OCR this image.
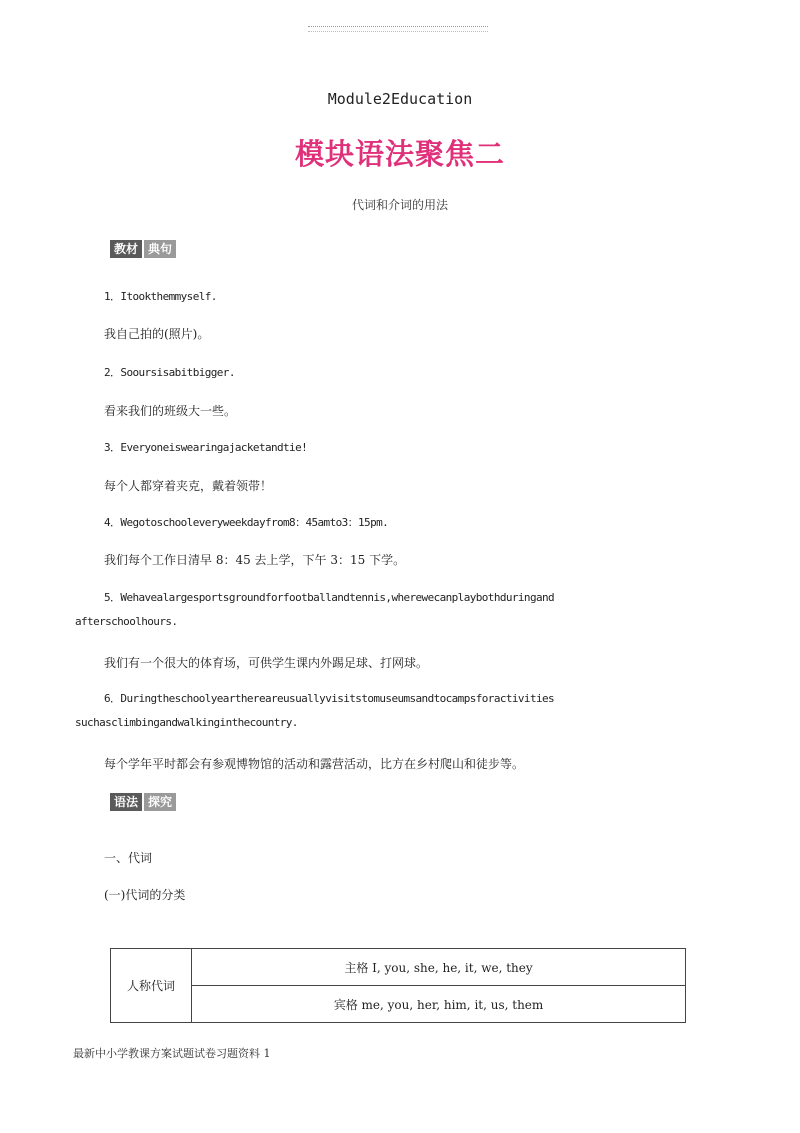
Module2Education
模块语法聚焦二
代词和介词的用法
教材 典句
1．Itookthemmyself.
我自己拍的(照片)。
2．Sooursisabitbigger.
看来我们的班级大一些。
3．Everyoneiswearingajacketandtie!
每个人都穿着夹克，戴着领带！
4．Wegotoschooleveryweekdayfrom8：45amto3：15pm.
我们每个工作日清早 8：45 去上学，下午 3：15 下学。
5．Wehavealargesportsgroundforfootballandtennis,wherewecanplaybothduringand
afterschoolhours.
我们有一个很大的体育场，可供学生课内外踢足球、打网球。
6．Duringtheschoolyeartherearеusuallyvisitstomuseumsandtocampsforactivities
suchasclimbingandwalkinginthecountry.
每个学年平时都会有参观博物馆的活动和露营活动，比方在乡村爬山和徒步等。
语法 探究
一、代词
(一)代词的分类
人称代词	主格 I, you, she, he, it, we, they
宾格 me, you, her, him, it, us, them
最新中小学教课方案试题试卷习题资料 1
